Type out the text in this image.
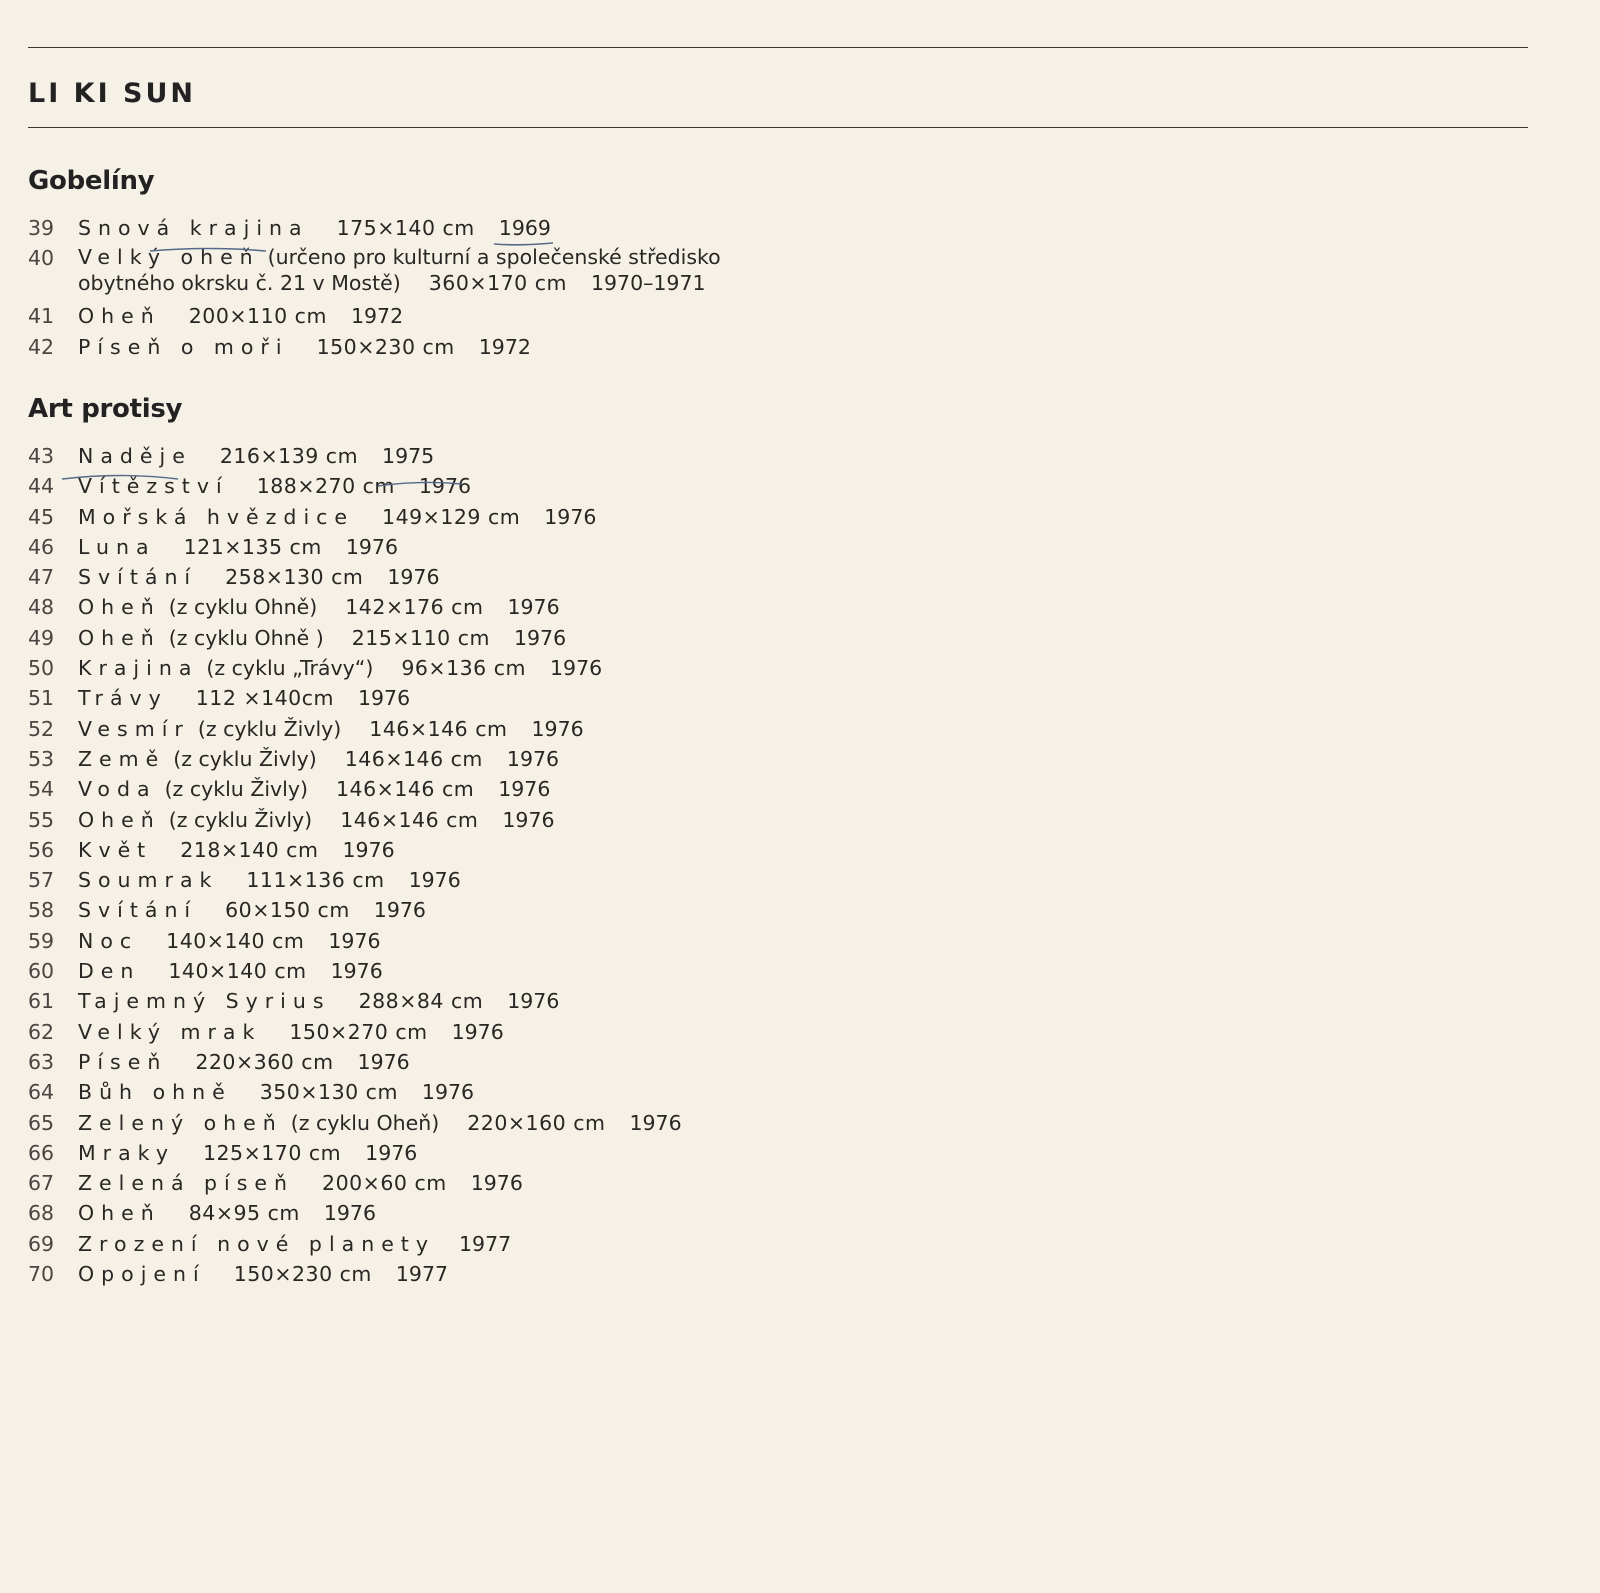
LI KI SUN
Gobelíny
39	Snová krajina 175×140 cm 1969
40	Velký oheň (určeno pro kulturní a společenské středisko obytného okrsku č. 21 v Mostě) 360×170 cm 1970–1971
41	Oheň 200×110 cm 1972
42	Píseň o moři 150×230 cm 1972
Art protisy
43	Naděje 216×139 cm 1975
44	Vítězství 188×270 cm 1976
45	Mořská hvězdice 149×129 cm 1976
46	Luna 121×135 cm 1976
47	Svítání 258×130 cm 1976
48	Oheň (z cyklu Ohně) 142×176 cm 1976
49	Oheň (z cyklu Ohně ) 215×110 cm 1976
50	Krajina (z cyklu „Trávy“) 96×136 cm 1976
51	Trávy 112 ×140cm 1976
52	Vesmír (z cyklu Živly) 146×146 cm 1976
53	Země (z cyklu Živly) 146×146 cm 1976
54	Voda (z cyklu Živly) 146×146 cm 1976
55	Oheň (z cyklu Živly) 146×146 cm 1976
56	Květ 218×140 cm 1976
57	Soumrak 111×136 cm 1976
58	Svítání 60×150 cm 1976
59	Noc 140×140 cm 1976
60	Den 140×140 cm 1976
61	Tajemný Syrius 288×84 cm 1976
62	Velký mrak 150×270 cm 1976
63	Píseň 220×360 cm 1976
64	Bůh ohně 350×130 cm 1976
65	Zelený oheň (z cyklu Oheň) 220×160 cm 1976
66	Mraky 125×170 cm 1976
67	Zelená píseň 200×60 cm 1976
68	Oheň 84×95 cm 1976
69	Zrození nové planety 1977
70	Opojení 150×230 cm 1977
